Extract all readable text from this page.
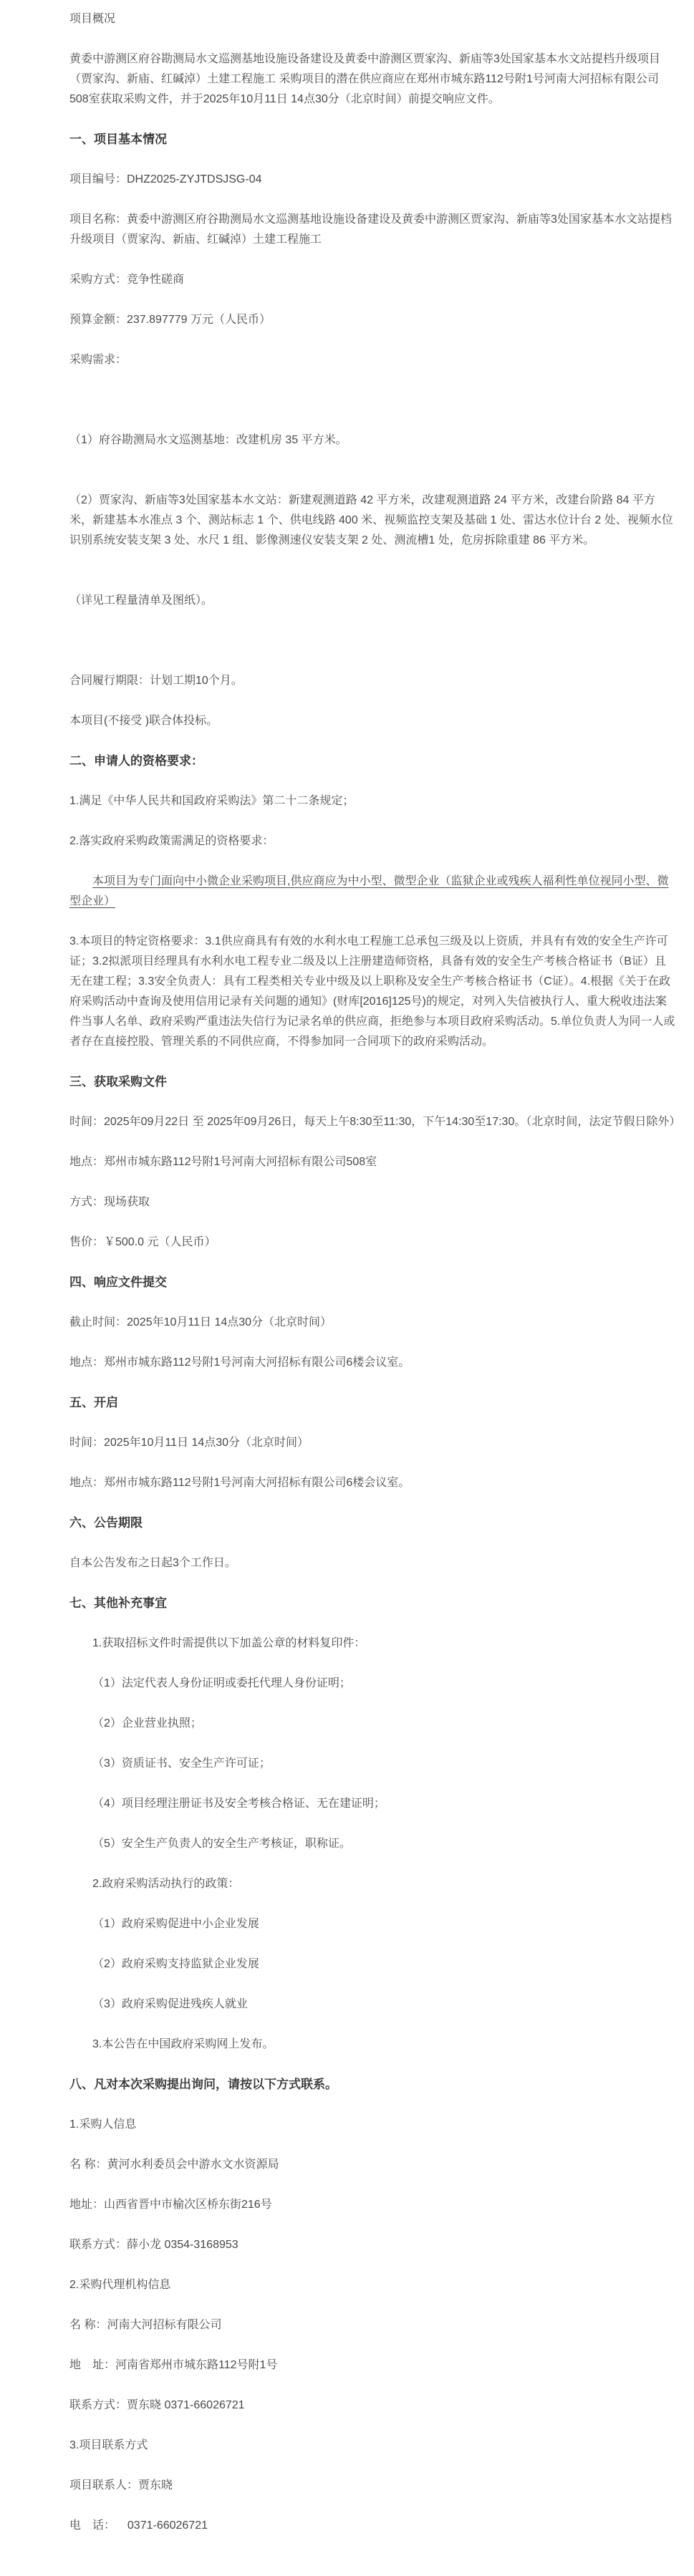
项目概况

黄委中游测区府谷勘测局水文巡测基地设施设备建设及黄委中游测区贾家沟、新庙等3处国家基本水文站提档升级项目（贾家沟、新庙、红碱淖）土建工程施工 采购项目的潜在供应商应在郑州市城东路112号附1号河南大河招标有限公司508室获取采购文件，并于2025年10月11日 14点30分（北京时间）前提交响应文件。

一、项目基本情况

项目编号：DHZ2025-ZYJTDSJSG-04

项目名称：黄委中游测区府谷勘测局水文巡测基地设施设备建设及黄委中游测区贾家沟、新庙等3处国家基本水文站提档升级项目（贾家沟、新庙、红碱淖）土建工程施工

采购方式：竞争性磋商

预算金额：237.897779 万元（人民币）

采购需求：

（1）府谷勘测局水文巡测基地：改建机房 35 平方米。

（2）贾家沟、新庙等3处国家基本水文站：新建观测道路 42 平方米，改建观测道路 24 平方米，改建台阶路 84 平方米，新建基本水准点 3 个、测站标志 1 个、供电线路 400 米、视频监控支架及基础 1 处、雷达水位计台 2 处、视频水位识别系统安装支架 3 处、水尺 1 组、影像测速仪安装支架 2 处、测流槽1 处，危房拆除重建 86 平方米。

（详见工程量清单及图纸）。

合同履行期限：计划工期10个月。

本项目(不接受 )联合体投标。

二、申请人的资格要求：

1.满足《中华人民共和国政府采购法》第二十二条规定；

2.落实政府采购政策需满足的资格要求：

本项目为专门面向中小微企业采购项目,供应商应为中小型、微型企业（监狱企业或残疾人福利性单位视同小型、微型企业）

3.本项目的特定资格要求：3.1供应商具有有效的水利水电工程施工总承包三级及以上资质，并具有有效的安全生产许可证；3.2拟派项目经理具有水利水电工程专业二级及以上注册建造师资格，具备有效的安全生产考核合格证书（B证）且无在建工程；3.3安全负责人：具有工程类相关专业中级及以上职称及安全生产考核合格证书（C证）。4.根据《关于在政府采购活动中查询及使用信用记录有关问题的通知》(财库[2016]125号)的规定，对列入失信被执行人、重大税收违法案件当事人名单、政府采购严重违法失信行为记录名单的供应商，拒绝参与本项目政府采购活动。5.单位负责人为同一人或者存在直接控股、管理关系的不同供应商，不得参加同一合同项下的政府采购活动。

三、获取采购文件

时间：2025年09月22日 至 2025年09月26日，每天上午8:30至11:30，下午14:30至17:30。（北京时间，法定节假日除外）

地点：郑州市城东路112号附1号河南大河招标有限公司508室

方式：现场获取

售价：￥500.0 元（人民币）

四、响应文件提交

截止时间：2025年10月11日 14点30分（北京时间）

地点：郑州市城东路112号附1号河南大河招标有限公司6楼会议室。

五、开启

时间：2025年10月11日 14点30分（北京时间）

地点：郑州市城东路112号附1号河南大河招标有限公司6楼会议室。

六、公告期限

自本公告发布之日起3个工作日。

七、其他补充事宜

1.获取招标文件时需提供以下加盖公章的材料复印件：

（1）法定代表人身份证明或委托代理人身份证明；

（2）企业营业执照；

（3）资质证书、安全生产许可证；

（4）项目经理注册证书及安全考核合格证、无在建证明；

（5）安全生产负责人的安全生产考核证，职称证。

2.政府采购活动执行的政策：

（1）政府采购促进中小企业发展

（2）政府采购支持监狱企业发展

（3）政府采购促进残疾人就业

3.本公告在中国政府采购网上发布。

八、凡对本次采购提出询问，请按以下方式联系。

1.采购人信息

名 称：黄河水利委员会中游水文水资源局

地址：山西省晋中市榆次区桥东街216号

联系方式：薛小龙 0354-3168953

2.采购代理机构信息

名 称：河南大河招标有限公司

地　址：河南省郑州市城东路112号附1号

联系方式：贾东晓 0371-66026721

3.项目联系方式

项目联系人：贾东晓

电　话：　  0371-66026721
